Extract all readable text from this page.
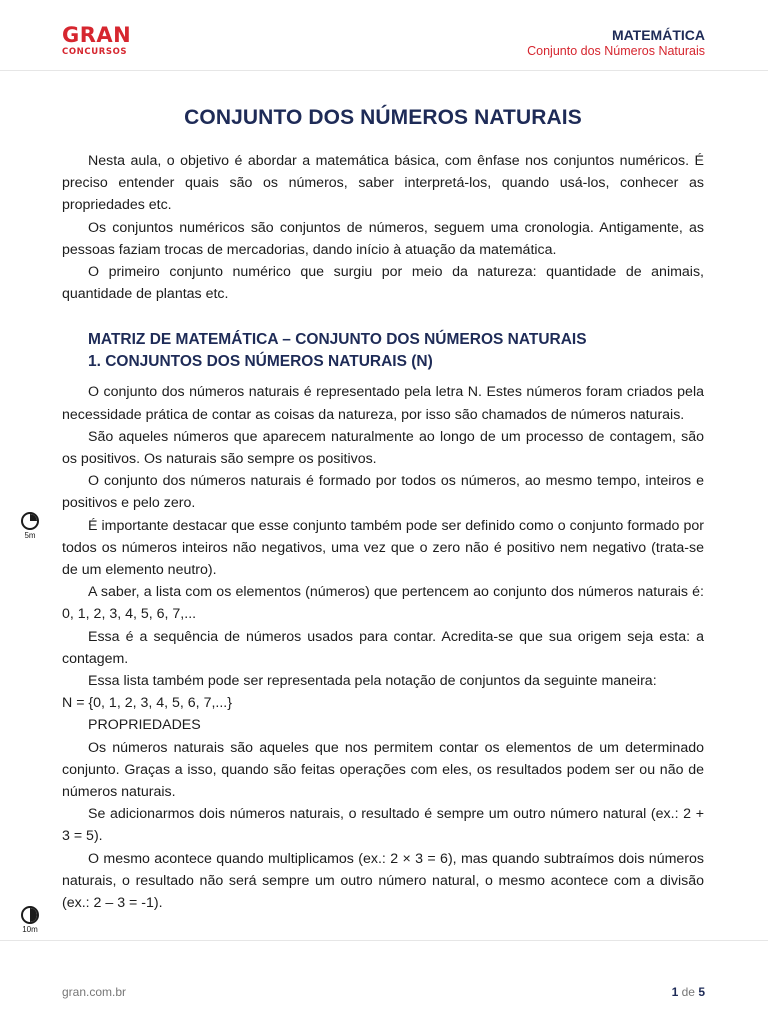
GRAN
CONCURSOS
MATEMÁTICA
Conjunto dos Números Naturais
5m
10m
CONJUNTO DOS NÚMEROS NATURAIS

Nesta aula, o objetivo é abordar a matemática básica, com ênfase nos conjuntos numéricos. É preciso entender quais são os números, saber interpretá-los, quando usá-los, conhecer as propriedades etc.

Os conjuntos numéricos são conjuntos de números, seguem uma cronologia. Antigamente, as pessoas faziam trocas de mercadorias, dando início à atuação da matemática.

O primeiro conjunto numérico que surgiu por meio da natureza: quantidade de animais, quantidade de plantas etc.

MATRIZ DE MATEMÁTICA – CONJUNTO DOS NÚMEROS NATURAIS
1. CONJUNTOS DOS NÚMEROS NATURAIS (N)

O conjunto dos números naturais é representado pela letra N. Estes números foram criados pela necessidade prática de contar as coisas da natureza, por isso são chamados de números naturais.

São aqueles números que aparecem naturalmente ao longo de um processo de contagem, são os positivos. Os naturais são sempre os positivos.

O conjunto dos números naturais é formado por todos os números, ao mesmo tempo, inteiros e positivos e pelo zero.

É importante destacar que esse conjunto também pode ser definido como o conjunto formado por todos os números inteiros não negativos, uma vez que o zero não é positivo nem negativo (trata-se de um elemento neutro).

A saber, a lista com os elementos (números) que pertencem ao conjunto dos números naturais é: 0, 1, 2, 3, 4, 5, 6, 7,...

Essa é a sequência de números usados para contar. Acredita-se que sua origem seja esta: a contagem.

Essa lista também pode ser representada pela notação de conjuntos da seguinte maneira:

N = {0, 1, 2, 3, 4, 5, 6, 7,...}

PROPRIEDADES

Os números naturais são aqueles que nos permitem contar os elementos de um determinado conjunto. Graças a isso, quando são feitas operações com eles, os resultados podem ser ou não de números naturais.

Se adicionarmos dois números naturais, o resultado é sempre um outro número natural (ex.: 2 + 3 = 5).

O mesmo acontece quando multiplicamos (ex.: 2 × 3 = 6), mas quando subtraímos dois números naturais, o resultado não será sempre um outro número natural, o mesmo acontece com a divisão (ex.: 2 – 3 = -1).

gran.com.br	1 de 5
